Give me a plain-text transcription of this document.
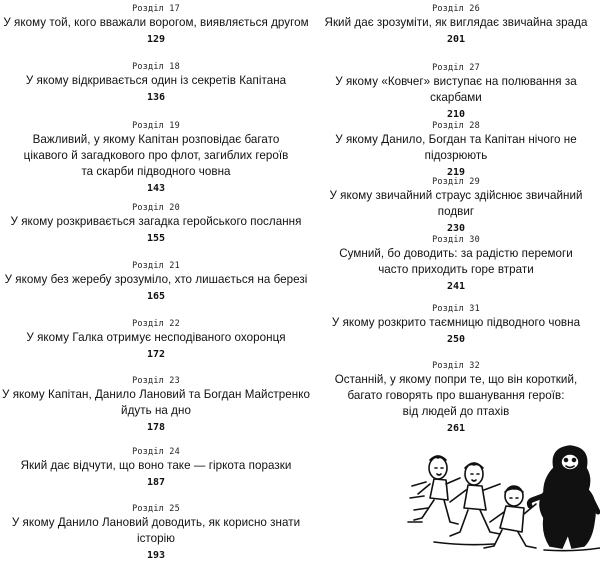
Розділ 17
У якому той, кого вважали ворогом, виявляється другом
129
Розділ 18
У якому відкривається один із секретів Капітана
136
Розділ 19
Важливий, у якому Капітан розповідає багато
цікавого й загадкового про флот, загиблих героїв
та скарби підводного човна
143
Розділ 20
У якому розкривається загадка геройського послання
155
Розділ 21
У якому без жеребу зрозуміло, хто лишається на березі
165
Розділ 22
У якому Галка отримує несподіваного охоронця
172
Розділ 23
У якому Капітан, Данило Лановий та Богдан Майстренко
йдуть на дно
178
Розділ 24
Який дає відчути, що воно таке — гіркота поразки
187
Розділ 25
У якому Данило Лановий доводить, як корисно знати історію
193
Розділ 26
Який дає зрозуміти, як виглядає звичайна зрада
201
Розділ 27
У якому «Ковчег» виступає на полювання за скарбами
210
Розділ 28
У якому Данило, Богдан та Капітан нічого не підозрюють
219
Розділ 29
У якому звичайний страус здійснює звичайний подвиг
230
Розділ 30
Сумний, бо доводить: за радістю перемоги
часто приходить горе втрати
241
Розділ 31
У якому розкрито таємницю підводного човна
250
Розділ 32
Останній, у якому попри те, що він короткий,
багато говорять про вшанування героїв:
від людей до птахів
261
